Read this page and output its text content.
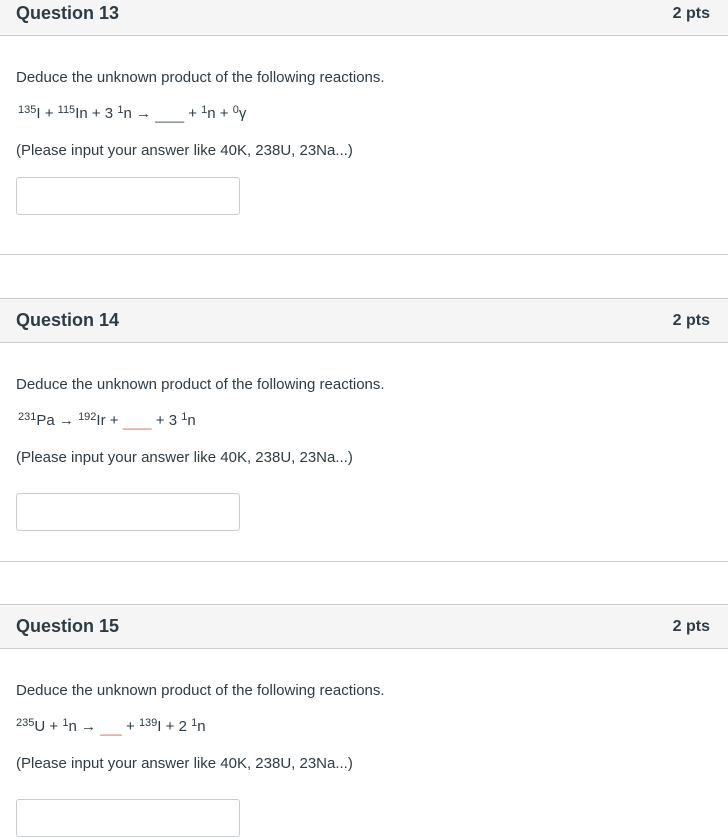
Question 13	2 pts
Deduce the unknown product of the following reactions.
$^{135}$I + $^{115}$In + 3 $^1$n → ____ + $^1$n + $^0$γ
(Please input your answer like 40K, 238U, 23Na...)
Question 14	2 pts
Deduce the unknown product of the following reactions.
$^{231}$Pa → $^{192}$Ir + ____ + 3 $^1$n
(Please input your answer like 40K, 238U, 23Na...)
Question 15	2 pts
Deduce the unknown product of the following reactions.
$^{235}$U + $^1$n → ___ + $^{139}$I + 2 $^1$n
(Please input your answer like 40K, 238U, 23Na...)
